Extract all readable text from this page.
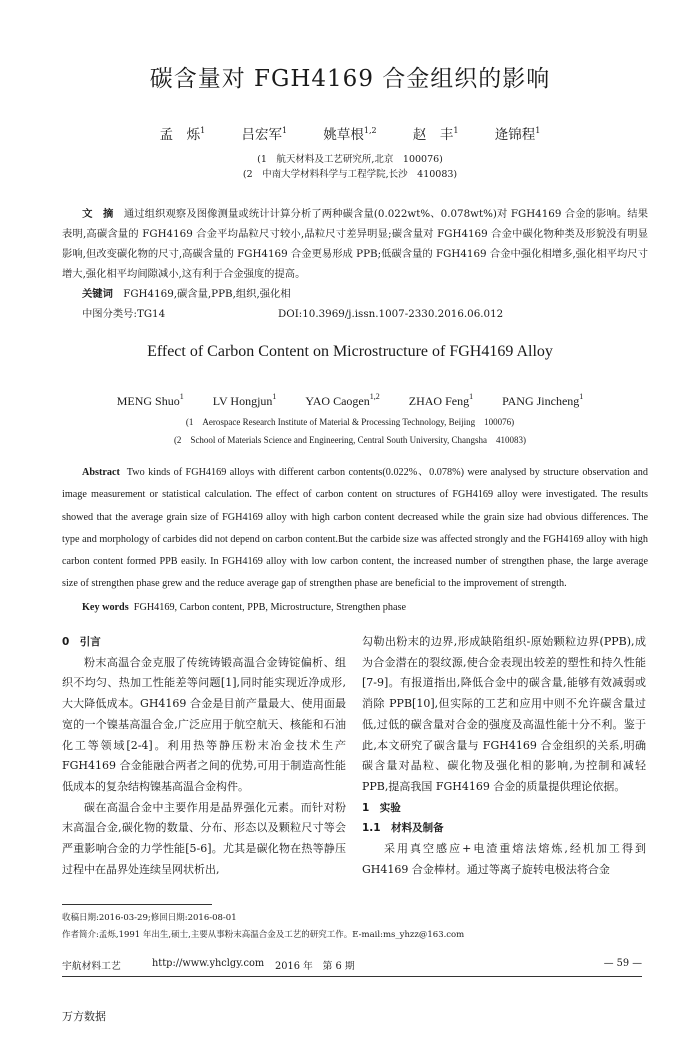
碳含量对 FGH4169 合金组织的影响
孟　烁$^1$	吕宏军$^1$	姚草根$^{1,2}$	赵　丰$^1$	逄锦程$^1$
(1　航天材料及工艺研究所,北京　100076)
(2　中南大学材料科学与工程学院,长沙　410083)
文　摘　 通过组织观察及图像测量或统计计算分析了两种碳含量(0.022wt%、0.078wt%)对 FGH4169 合金的影响。结果表明,高碳含量的 FGH4169 合金平均晶粒尺寸较小,晶粒尺寸差异明显;碳含量对 FGH4169 合金中碳化物种类及形貌没有明显影响,但改变碳化物的尺寸,高碳含量的 FGH4169 合金更易形成 PPB;低碳含量的 FGH4169 合金中强化相增多,强化相平均尺寸增大,强化相平均间隙减小,这有利于合金强度的提高。
关键词　 FGH4169,碳含量,PPB,组织,强化相
中图分类号:TG14	DOI:10.3969/j.issn.1007-2330.2016.06.012
Effect of Carbon Content on Microstructure of FGH4169 Alloy
MENG Shuo$^1$ LV Hongjun$^1$ YAO Caogen$^{1,2}$ ZHAO Feng$^1$ PANG Jincheng$^1$
(1　Aerospace Research Institute of Material & Processing Technology, Beijing　100076)
(2　School of Materials Science and Engineering, Central South University, Changsha　410083)
Abstract Two kinds of FGH4169 alloys with different carbon contents(0.022%、0.078%) were analysed by structure observation and image measurement or statistical calculation. The effect of carbon content on structures of FGH4169 alloy were investigated. The results showed that the average grain size of FGH4169 alloy with high carbon content decreased while the grain size had obvious differences. The type and morphology of carbides did not depend on carbon content.But the carbide size was affected strongly and the FGH4169 alloy with high carbon content formed PPB easily. In FGH4169 alloy with low carbon content, the increased number of strengthen phase, the large average size of strengthen phase grew and the reduce average gap of strengthen phase are beneficial to the improvement of strength.
Key words FGH4169, Carbon content, PPB, Microstructure, Strengthen phase
0　引言

粉末高温合金克服了传统铸锻高温合金铸锭偏析、组织不均匀、热加工性能差等问题[1],同时能实现近净成形,大大降低成本。GH4169 合金是目前产量最大、使用面最宽的一个镍基高温合金,广泛应用于航空航天、核能和石油化工等领域[2-4]。利用热等静压粉末冶金技术生产 FGH4169 合金能融合两者之间的优势,可用于制造高性能低成本的复杂结构镍基高温合金构件。

碳在高温合金中主要作用是晶界强化元素。而针对粉末高温合金,碳化物的数量、分布、形态以及颗粒尺寸等会严重影响合金的力学性能[5-6]。尤其是碳化物在热等静压过程中在晶界处连续呈网状析出,

勾勒出粉末的边界,形成缺陷组织-原始颗粒边界(PPB),成为合金潜在的裂纹源,使合金表现出较差的塑性和持久性能[7-9]。有报道指出,降低合金中的碳含量,能够有效减弱或消除 PPB[10],但实际的工艺和应用中则不允许碳含量过低,过低的碳含量对合金的强度及高温性能十分不利。鉴于此,本文研究了碳含量与 FGH4169 合金组织的关系,明确碳含量对晶粒、碳化物及强化相的影响,为控制和减轻 PPB,提高我国 FGH4169 合金的质量提供理论依据。

1　实验
1.1　材料及制备

采用真空感应+电渣重熔法熔炼,经机加工得到 GH4169 合金棒材。通过等离子旋转电极法将合金

收稿日期:2016-03-29;修回日期:2016-08-01
作者简介:孟烁,1991 年出生,硕士,主要从事粉末高温合金及工艺的研究工作。E-mail:ms_yhzz@163.com
宇航材料工艺	http://www.yhclgy.com 2016 年　第 6 期	— 59 —
万方数据
